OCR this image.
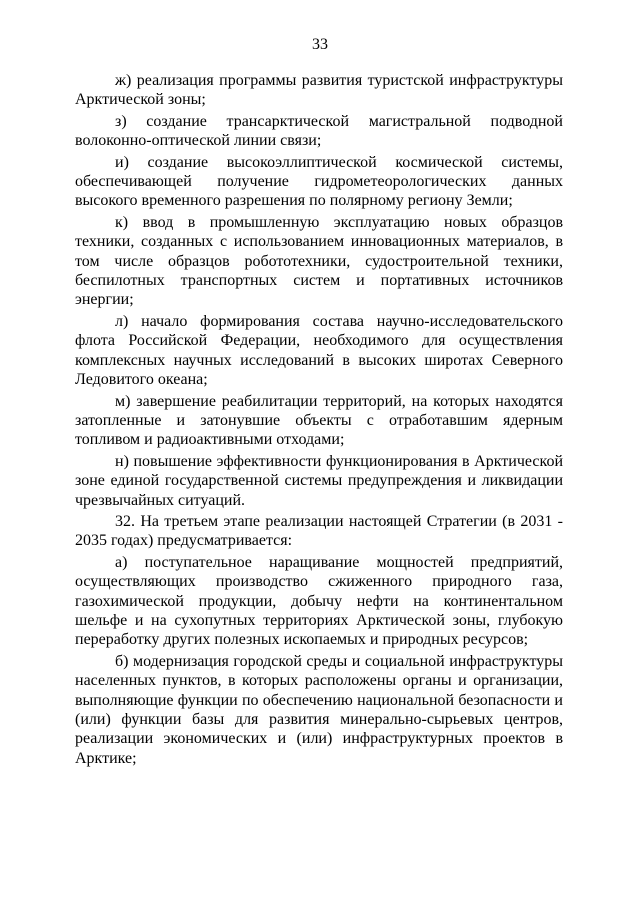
33

ж) реализация программы развития туристской инфраструктуры Арктической зоны;

з) создание трансарктической магистральной подводной волоконно-оптической линии связи;

и) создание высокоэллиптической космической системы, обеспечивающей получение гидрометеорологических данных высокого временного разрешения по полярному региону Земли;

к) ввод в промышленную эксплуатацию новых образцов техники, созданных с использованием инновационных материалов, в том числе образцов робототехники, судостроительной техники, беспилотных транспортных систем и портативных источников энергии;

л) начало формирования состава научно-исследовательского флота Российской Федерации, необходимого для осуществления комплексных научных исследований в высоких широтах Северного Ледовитого океана;

м) завершение реабилитации территорий, на которых находятся затопленные и затонувшие объекты с отработавшим ядерным топливом и радиоактивными отходами;

н) повышение эффективности функционирования в Арктической зоне единой государственной системы предупреждения и ликвидации чрезвычайных ситуаций.

32. На третьем этапе реализации настоящей Стратегии (в 2031 - 2035 годах) предусматривается:

а) поступательное наращивание мощностей предприятий, осуществляющих производство сжиженного природного газа, газохимической продукции, добычу нефти на континентальном шельфе и на сухопутных территориях Арктической зоны, глубокую переработку других полезных ископаемых и природных ресурсов;

б) модернизация городской среды и социальной инфраструктуры населенных пунктов, в которых расположены органы и организации, выполняющие функции по обеспечению национальной безопасности и (или) функции базы для развития минерально-сырьевых центров, реализации экономических и (или) инфраструктурных проектов в Арктике;
